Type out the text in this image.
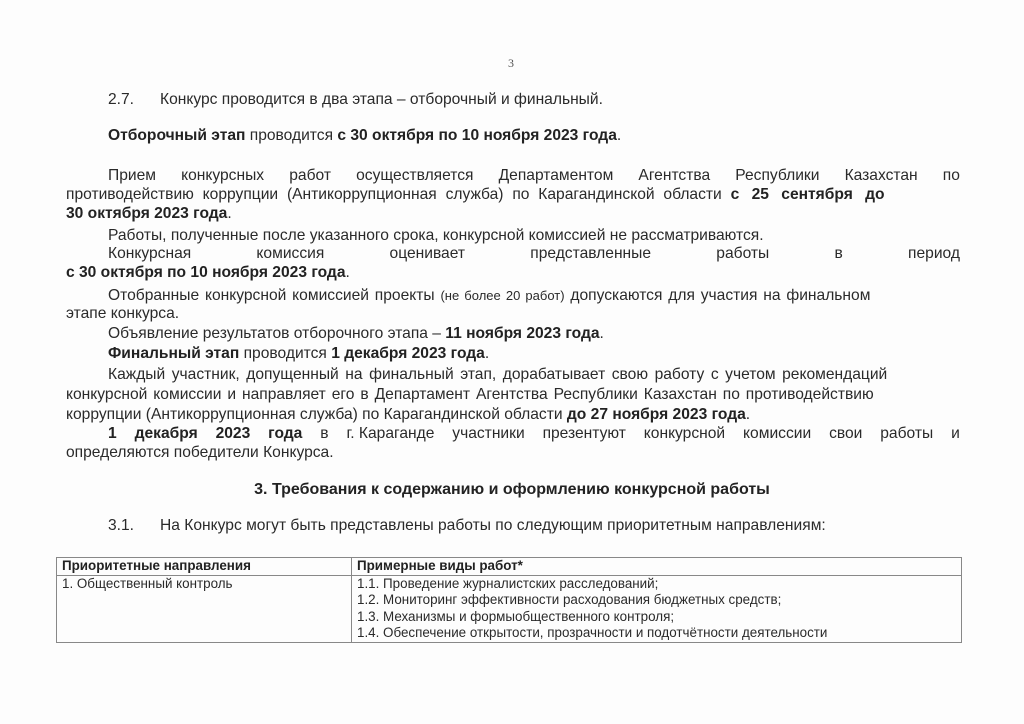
3
2.7. Конкурс проводится в два этапа – отборочный и финальный.
Отборочный этап проводится с 30 октября по 10 ноября 2023 года.
Прием конкурсных работ осуществляется Департаментом Агентства Республики Казахстан по
противодействию коррупции (Антикоррупционная служба) по Карагандинской области с 25 сентября до
30 октября 2023 года.
Работы, полученные после указанного срока, конкурсной комиссией не рассматриваются.
Конкурсная	комиссия	оценивает	представленные	работы	в	период
с 30 октября по 10 ноября 2023 года.
Отобранные конкурсной комиссией проекты (не более 20 работ) допускаются для участия на финальном
этапе конкурса.
Объявление результатов отборочного этапа – 11 ноября 2023 года.
Финальный этап проводится 1 декабря 2023 года.
Каждый участник, допущенный на финальный этап, дорабатывает свою работу с учетом рекомендаций
конкурсной комиссии и направляет его в Департамент Агентства Республики Казахстан по противодействию
коррупции (Антикоррупционная служба) по Карагандинской области до 27 ноября 2023 года.
1 декабря 2023 года в г. Караганде участники презентуют конкурсной комиссии свои работы и
определяются победители Конкурса.
3. Требования к содержанию и оформлению конкурсной работы
3.1. На Конкурс могут быть представлены работы по следующим приоритетным направлениям:
Приоритетные направления	Примерные виды работ*
1. Общественный контроль	1.1. Проведение журналистских расследований;
1.2. Мониторинг эффективности расходования бюджетных средств;
1.3. Механизмы и формыобщественного контроля;
1.4. Обеспечение открытости, прозрачности и подотчётности деятельности
